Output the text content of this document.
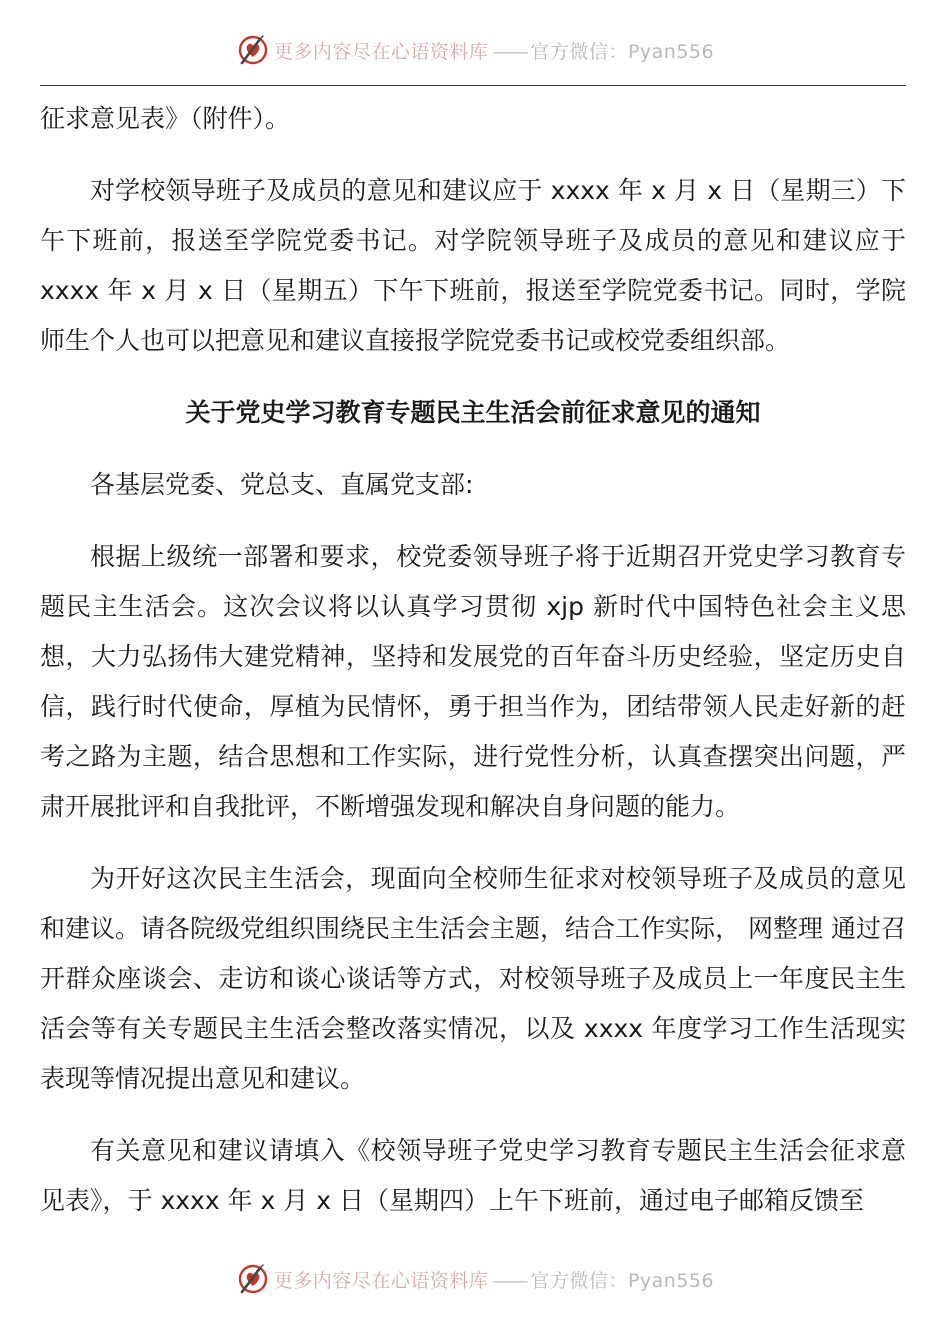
更多内容尽在心语资料库 —— 官方微信：Pyan556

征求意见表》（附件）。

对学校领导班子及成员的意见和建议应于 xxxx 年 x 月 x 日（星期三）下午下班前，报送至学院党委书记。对学院领导班子及成员的意见和建议应于 xxxx 年 x 月 x 日（星期五）下午下班前，报送至学院党委书记。同时，学院师生个人也可以把意见和建议直接报学院党委书记或校党委组织部。

关于党史学习教育专题民主生活会前征求意见的通知

各基层党委、党总支、直属党支部:

根据上级统一部署和要求，校党委领导班子将于近期召开党史学习教育专题民主生活会。这次会议将以认真学习贯彻 xjp 新时代中国特色社会主义思想，大力弘扬伟大建党精神，坚持和发展党的百年奋斗历史经验，坚定历史自信，践行时代使命，厚植为民情怀，勇于担当作为，团结带领人民走好新的赶考之路为主题，结合思想和工作实际，进行党性分析，认真查摆突出问题，严肃开展批评和自我批评，不断增强发现和解决自身问题的能力。

为开好这次民主生活会，现面向全校师生征求对校领导班子及成员的意见和建议。请各院级党组织围绕民主生活会主题，结合工作实际， 网整理 通过召开群众座谈会、走访和谈心谈话等方式，对校领导班子及成员上一年度民主生活会等有关专题民主生活会整改落实情况，以及 xxxx 年度学习工作生活现实表现等情况提出意见和建议。

有关意见和建议请填入《校领导班子党史学习教育专题民主生活会征求意见表》，于 xxxx 年 x 月 x 日（星期四）上午下班前，通过电子邮箱反馈至

更多内容尽在心语资料库 —— 官方微信：Pyan556
